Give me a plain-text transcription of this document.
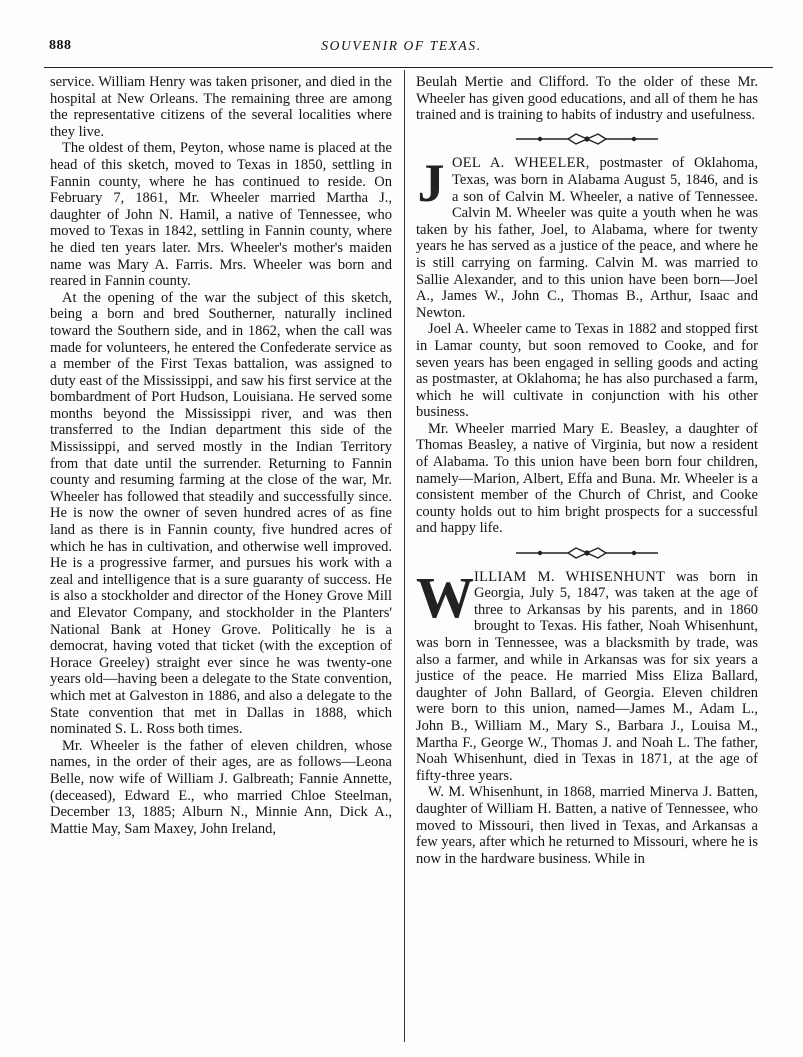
888	SOUVENIR OF TEXAS.

service. William Henry was taken prisoner, and died in the hospital at New Orleans. The remaining three are among the representative citizens of the several localities where they live.

The oldest of them, Peyton, whose name is placed at the head of this sketch, moved to Texas in 1850, settling in Fannin county, where he has continued to reside. On February 7, 1861, Mr. Wheeler married Martha J., daughter of John N. Hamil, a native of Tennessee, who moved to Texas in 1842, settling in Fannin county, where he died ten years later. Mrs. Wheeler's mother's maiden name was Mary A. Farris. Mrs. Wheeler was born and reared in Fannin county.

At the opening of the war the subject of this sketch, being a born and bred Southerner, naturally inclined toward the Southern side, and in 1862, when the call was made for volunteers, he entered the Confederate service as a member of the First Texas battalion, was assigned to duty east of the Mississippi, and saw his first service at the bombardment of Port Hudson, Louisiana. He served some months beyond the Mississippi river, and was then transferred to the Indian department this side of the Mississippi, and served mostly in the Indian Territory from that date until the surrender. Returning to Fannin county and resuming farming at the close of the war, Mr. Wheeler has followed that steadily and successfully since. He is now the owner of seven hundred acres of as fine land as there is in Fannin county, five hundred acres of which he has in cultivation, and otherwise well improved. He is a progressive farmer, and pursues his work with a zeal and intelligence that is a sure guaranty of success. He is also a stockholder and director of the Honey Grove Mill and Elevator Company, and stockholder in the Planters' National Bank at Honey Grove. Politically he is a democrat, having voted that ticket (with the exception of Horace Greeley) straight ever since he was twenty-one years old—having been a delegate to the State convention, which met at Galveston in 1886, and also a delegate to the State convention that met in Dallas in 1888, which nominated S. L. Ross both times.

Mr. Wheeler is the father of eleven children, whose names, in the order of their ages, are as follows—Leona Belle, now wife of William J. Galbreath; Fannie Annette, (deceased), Edward E., who married Chloe Steelman, December 13, 1885; Alburn N., Minnie Ann, Dick A., Mattie May, Sam Maxey, John Ireland,

Beulah Mertie and Clifford. To the older of these Mr. Wheeler has given good educations, and all of them he has trained and is training to habits of industry and usefulness.

J OEL A. WHEELER, postmaster of Oklahoma, Texas, was born in Alabama August 5, 1846, and is a son of Calvin M. Wheeler, a native of Tennessee. Calvin M. Wheeler was quite a youth when he was taken by his father, Joel, to Alabama, where for twenty years he has served as a justice of the peace, and where he is still carrying on farming. Calvin M. was married to Sallie Alexander, and to this union have been born—Joel A., James W., John C., Thomas B., Arthur, Isaac and Newton.

Joel A. Wheeler came to Texas in 1882 and stopped first in Lamar county, but soon removed to Cooke, and for seven years has been engaged in selling goods and acting as postmaster, at Oklahoma; he has also purchased a farm, which he will cultivate in conjunction with his other business.

Mr. Wheeler married Mary E. Beasley, a daughter of Thomas Beasley, a native of Virginia, but now a resident of Alabama. To this union have been born four children, namely—Marion, Albert, Effa and Buna. Mr. Wheeler is a consistent member of the Church of Christ, and Cooke county holds out to him bright prospects for a successful and happy life.

W ILLIAM M. WHISENHUNT was born in Georgia, July 5, 1847, was taken at the age of three to Arkansas by his parents, and in 1860 brought to Texas. His father, Noah Whisenhunt, was born in Tennessee, was a blacksmith by trade, was also a farmer, and while in Arkansas was for six years a justice of the peace. He married Miss Eliza Ballard, daughter of John Ballard, of Georgia. Eleven children were born to this union, named—James M., Adam L., John B., William M., Mary S., Barbara J., Louisa M., Martha F., George W., Thomas J. and Noah L. The father, Noah Whisenhunt, died in Texas in 1871, at the age of fifty-three years.

W. M. Whisenhunt, in 1868, married Minerva J. Batten, daughter of William H. Batten, a native of Tennessee, who moved to Missouri, then lived in Texas, and Arkansas a few years, after which he returned to Missouri, where he is now in the hardware business. While in
